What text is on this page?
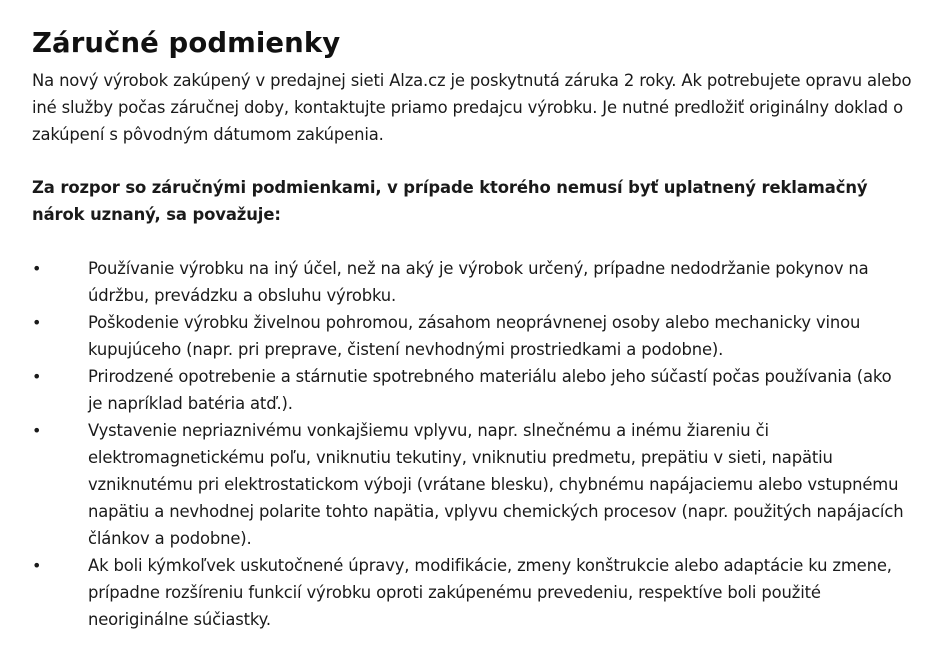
Záručné podmienky

Na nový výrobok zakúpený v predajnej sieti Alza.cz je poskytnutá záruka 2 roky. Ak potrebujete opravu alebo iné služby počas záručnej doby, kontaktujte priamo predajcu výrobku. Je nutné predložiť originálny doklad o zakúpení s pôvodným dátumom zakúpenia.

Za rozpor so záručnými podmienkami, v prípade ktorého nemusí byť uplatnený reklamačný nárok uznaný, sa považuje:

•	Používanie výrobku na iný účel, než na aký je výrobok určený, prípadne nedodržanie pokynov na údržbu, prevádzku a obsluhu výrobku.
•	Poškodenie výrobku živelnou pohromou, zásahom neoprávnenej osoby alebo mechanicky vinou kupujúceho (napr. pri preprave, čistení nevhodnými prostriedkami a podobne).
•	Prirodzené opotrebenie a stárnutie spotrebného materiálu alebo jeho súčastí počas používania (ako je napríklad batéria atď.).
•	Vystavenie nepriaznivému vonkajšiemu vplyvu, napr. slnečnému a inému žiareniu či elektromagnetickému poľu, vniknutiu tekutiny, vniknutiu predmetu, prepätiu v sieti, napätiu vzniknutému pri elektrostatickom výboji (vrátane blesku), chybnému napájaciemu alebo vstupnému napätiu a nevhodnej polarite tohto napätia, vplyvu chemických procesov (napr. použitých napájacích článkov a podobne).
•	Ak boli kýmkoľvek uskutočnené úpravy, modifikácie, zmeny konštrukcie alebo adaptácie ku zmene, prípadne rozšíreniu funkcií výrobku oproti zakúpenému prevedeniu, respektíve boli použité neoriginálne súčiastky.
